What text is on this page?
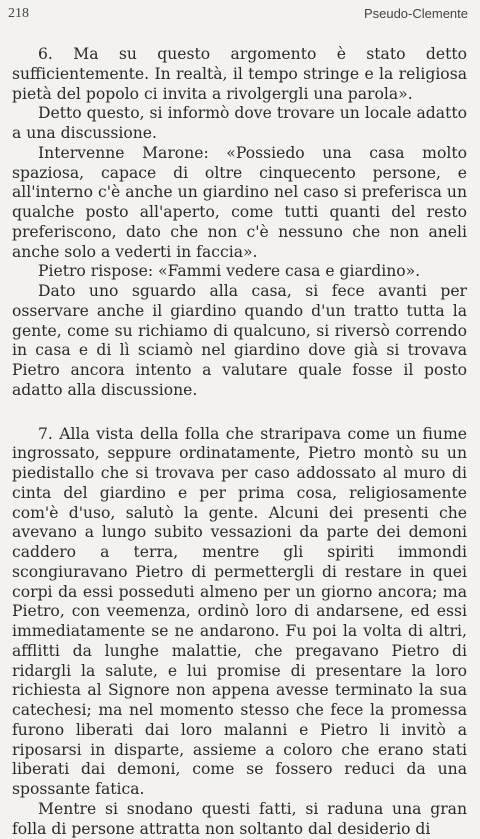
218	Pseudo-Clemente

6. Ma su questo argomento è stato detto sufficientemente. In realtà, il tempo stringe e la religiosa pietà del popolo ci invita a rivolgergli una parola».

Detto questo, si informò dove trovare un locale adatto a una discussione.

Intervenne Marone: «Possiedo una casa molto spaziosa, capace di oltre cinquecento persone, e all'interno c'è anche un giardino nel caso si preferisca un qualche posto all'aperto, come tutti quanti del resto preferiscono, dato che non c'è nessuno che non aneli anche solo a vederti in faccia».

Pietro rispose: «Fammi vedere casa e giardino».

Dato uno sguardo alla casa, si fece avanti per osservare anche il giardino quando d'un tratto tutta la gente, come su richiamo di qualcuno, si riversò correndo in casa e di lì sciamò nel giardino dove già si trovava Pietro ancora intento a valutare quale fosse il posto adatto alla discussione.

7. Alla vista della folla che straripava come un fiume ingrossato, seppure ordinatamente, Pietro montò su un piedistallo che si trovava per caso addossato al muro di cinta del giardino e per prima cosa, religiosamente com'è d'uso, salutò la gente. Alcuni dei presenti che avevano a lungo subito vessazioni da parte dei demoni caddero a terra, mentre gli spiriti immondi scongiuravano Pietro di permettergli di restare in quei corpi da essi posseduti almeno per un giorno ancora; ma Pietro, con veemenza, ordinò loro di andarsene, ed essi immediatamente se ne andarono. Fu poi la volta di altri, afflitti da lunghe malattie, che pregavano Pietro di ridargli la salute, e lui promise di presentare la loro richiesta al Signore non appena avesse terminato la sua catechesi; ma nel momento stesso che fece la promessa furono liberati dai loro malanni e Pietro li invitò a riposarsi in disparte, assieme a coloro che erano stati liberati dai demoni, come se fossero reduci da una spossante fatica.

Mentre si snodano questi fatti, si raduna una gran folla di persone attratta non soltanto dal desiderio di
